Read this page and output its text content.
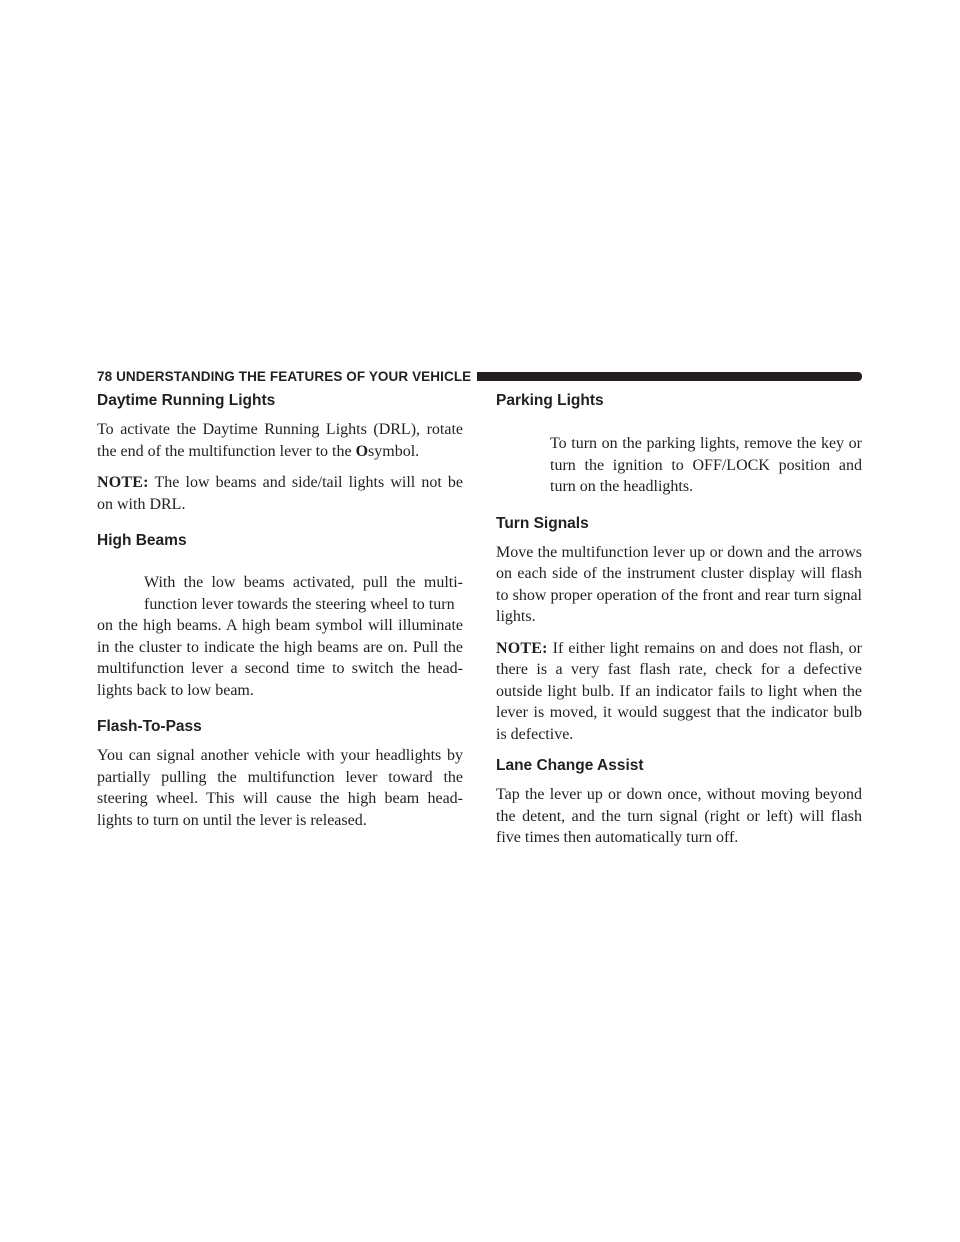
78 UNDERSTANDING THE FEATURES OF YOUR VEHICLE
Daytime Running Lights

To activate the Daytime Running Lights (DRL), rotate the end of the multifunction lever to the Osymbol.

NOTE: The low beams and side/tail lights will not be on with DRL.

High Beams

With the low beams activated, pull the multi-function lever towards the steering wheel to turn

on the high beams. A high beam symbol will illuminate in the cluster to indicate the high beams are on. Pull the multifunction lever a second time to switch the head-lights back to low beam.

Flash-To-Pass

You can signal another vehicle with your headlights by partially pulling the multifunction lever toward the steering wheel. This will cause the high beam head-lights to turn on until the lever is released.

Parking Lights

To turn on the parking lights, remove the key or turn the ignition to OFF/LOCK position and turn on the headlights.

Turn Signals

Move the multifunction lever up or down and the arrows on each side of the instrument cluster display will flash to show proper operation of the front and rear turn signal lights.

NOTE: If either light remains on and does not flash, or there is a very fast flash rate, check for a defective outside light bulb. If an indicator fails to light when the lever is moved, it would suggest that the indicator bulb is defective.

Lane Change Assist

Tap the lever up or down once, without moving beyond the detent, and the turn signal (right or left) will flash five times then automatically turn off.
